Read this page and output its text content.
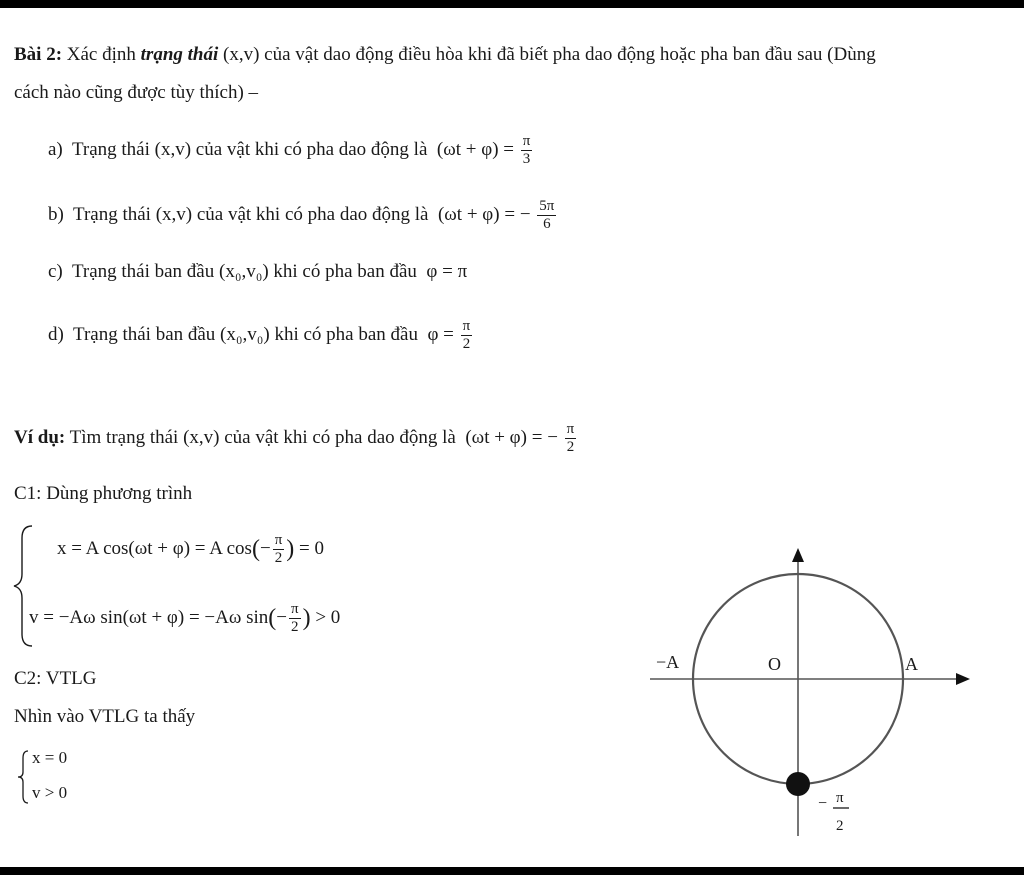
Bài 2: Xác định trạng thái (x,v) của vật dao động điều hòa khi đã biết pha dao động hoặc pha ban đầu sau (Dùng
cách nào cũng được tùy thích) –
a) Trạng thái (x,v) của vật khi có pha dao động là $(\omega t + \varphi) = \frac{\pi}{3}$
b) Trạng thái (x,v) của vật khi có pha dao động là (ωt + φ) = − $\frac{5\pi}{6}$
c) Trạng thái ban đầu (x₀,v₀) khi có pha ban đầu φ = π
d) Trạng thái ban đầu (x₀,v₀) khi có pha ban đầu $\varphi = \frac{\pi}{2}$
Ví dụ: Tìm trạng thái (x,v) của vật khi có pha dao động là (ωt + φ) = − $\frac{\pi}{2}$
C1: Dùng phương trình
x = A cos(ωt + φ) = A $\cos(- \frac{\pi}{2}$ ) = 0
v = −Aω sin(ωt + φ) = −Aω $\sin(- \frac{\pi}{2}$ ) > 0
C2: VTLG
Nhìn vào VTLG ta thấy
x = 0
v > 0
−A	O	A
− π
2
